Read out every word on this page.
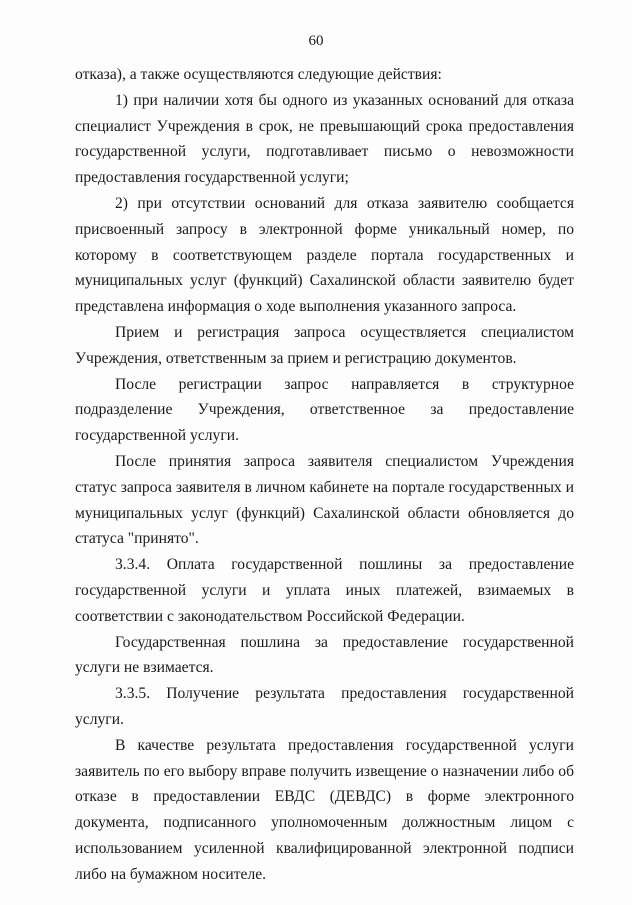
60

отказа), а также осуществляются следующие действия:

1) при наличии хотя бы одного из указанных оснований для отказа специалист Учреждения в срок, не превышающий срока предоставления государственной услуги, подготавливает письмо о невозможности предоставления государственной услуги;

2) при отсутствии оснований для отказа заявителю сообщается присвоенный запросу в электронной форме уникальный номер, по которому в соответствующем разделе портала государственных и муниципальных услуг (функций) Сахалинской области заявителю будет представлена информация о ходе выполнения указанного запроса.

Прием и регистрация запроса осуществляется специалистом Учреждения, ответственным за прием и регистрацию документов.

После регистрации запрос направляется в структурное подразделение Учреждения, ответственное за предоставление государственной услуги.

После принятия запроса заявителя специалистом Учреждения статус запроса заявителя в личном кабинете на портале государственных и муниципальных услуг (функций) Сахалинской области обновляется до статуса "принято".

3.3.4. Оплата государственной пошлины за предоставление государственной услуги и уплата иных платежей, взимаемых в соответствии с законодательством Российской Федерации.

Государственная пошлина за предоставление государственной услуги не взимается.

3.3.5. Получение результата предоставления государственной услуги.

В качестве результата предоставления государственной услуги заявитель по его выбору вправе получить извещение о назначении либо об отказе в предоставлении ЕВДС (ДЕВДС) в форме электронного документа, подписанного уполномоченным должностным лицом с использованием усиленной квалифицированной электронной подписи либо на бумажном носителе.
